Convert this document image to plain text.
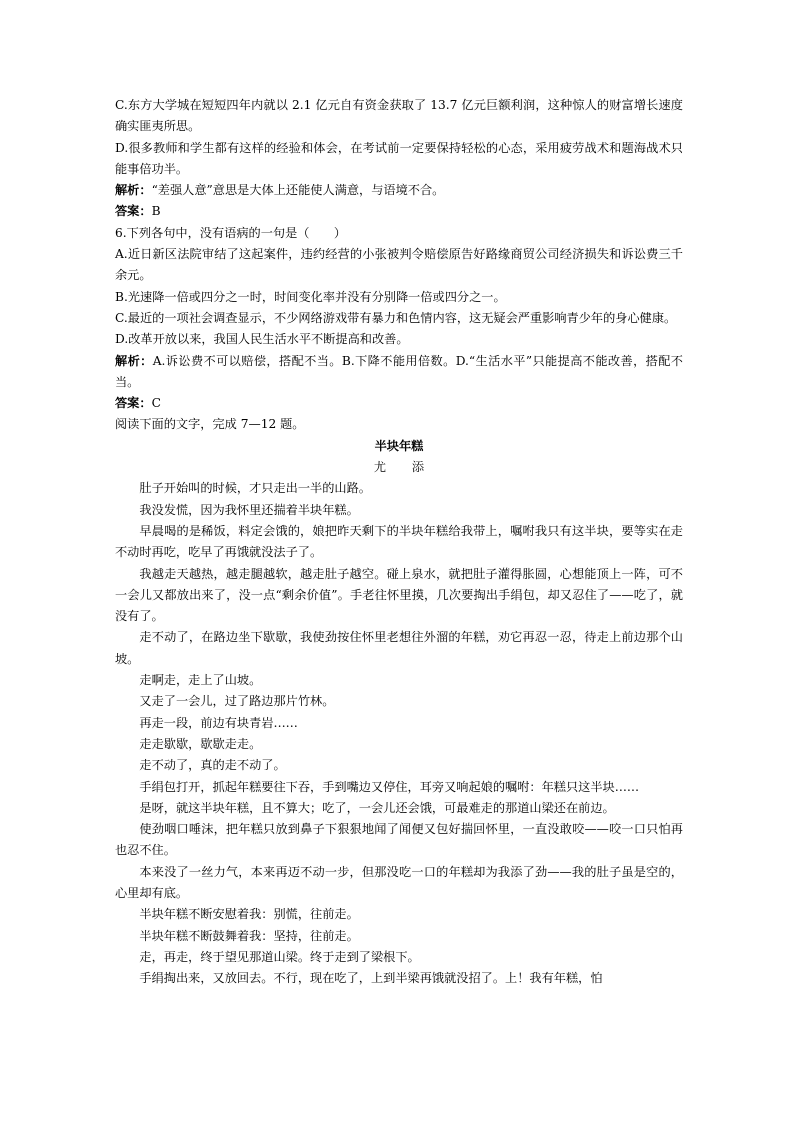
C.东方大学城在短短四年内就以 2.1 亿元自有资金获取了 13.7 亿元巨额利润，这种惊人的财富增长速度确实匪夷所思。

D.很多教师和学生都有这样的经验和体会，在考试前一定要保持轻松的心态，采用疲劳战术和题海战术只能事倍功半。

解析：“差强人意”意思是大体上还能使人满意，与语境不合。

答案：B

6.下列各句中，没有语病的一句是（　　）

A.近日新区法院审结了这起案件，违约经营的小张被判令赔偿原告好路缘商贸公司经济损失和诉讼费三千余元。

B.光速降一倍或四分之一时，时间变化率并没有分别降一倍或四分之一。

C.最近的一项社会调查显示，不少网络游戏带有暴力和色情内容，这无疑会严重影响青少年的身心健康。

D.改革开放以来，我国人民生活水平不断提高和改善。

解析：A.诉讼费不可以赔偿，搭配不当。B.下降不能用倍数。D.“生活水平”只能提高不能改善，搭配不当。

答案：C

阅读下面的文字，完成 7—12 题。

半块年糕

尤 添

肚子开始叫的时候，才只走出一半的山路。

我没发慌，因为我怀里还揣着半块年糕。

早晨喝的是稀饭，料定会饿的，娘把昨天剩下的半块年糕给我带上，嘱咐我只有这半块，要等实在走不动时再吃，吃早了再饿就没法子了。

我越走天越热，越走腿越软，越走肚子越空。碰上泉水，就把肚子灌得胀圆，心想能顶上一阵，可不一会儿又都放出来了，没一点“剩余价值”。手老往怀里摸，几次要掏出手绢包，却又忍住了——吃了，就没有了。

走不动了，在路边坐下歇歇，我使劲按住怀里老想往外溜的年糕，劝它再忍一忍，待走上前边那个山坡。

走啊走，走上了山坡。

又走了一会儿，过了路边那片竹林。

再走一段，前边有块青岩……

走走歇歇，歇歇走走。

走不动了，真的走不动了。

手绢包打开，抓起年糕要往下吞，手到嘴边又停住，耳旁又响起娘的嘱咐：年糕只这半块……

是呀，就这半块年糕，且不算大；吃了，一会儿还会饿，可最难走的那道山梁还在前边。

使劲咽口唾沫，把年糕只放到鼻子下狠狠地闻了闻便又包好揣回怀里，一直没敢咬——咬一口只怕再也忍不住。

本来没了一丝力气，本来再迈不动一步，但那没吃一口的年糕却为我添了劲——我的肚子虽是空的，心里却有底。

半块年糕不断安慰着我：别慌，往前走。

半块年糕不断鼓舞着我：坚持，往前走。

走，再走，终于望见那道山梁。终于走到了梁根下。

手绢掏出来，又放回去。不行，现在吃了，上到半梁再饿就没招了。上！我有年糕，怕
